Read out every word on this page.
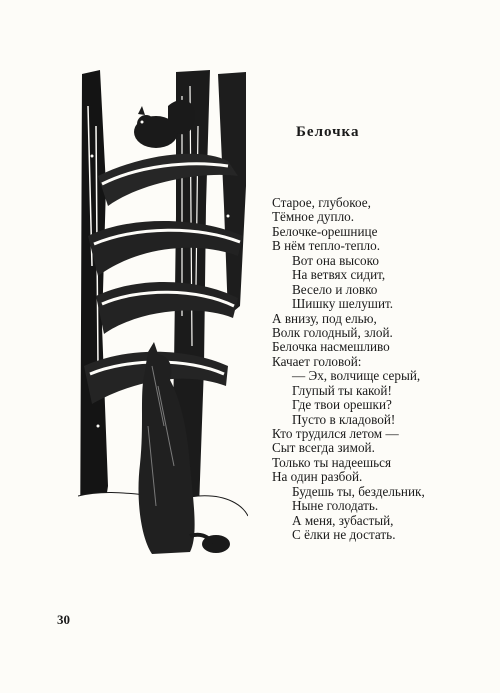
Белочка
Старое, глубокое,
Тёмное дупло.
Белочке-орешнице
В нём тепло-тепло.
Вот она высоко
На ветвях сидит,
Весело и ловко
Шишку шелушит.
А внизу, под елью,
Волк голодный, злой.
Белочка насмешливо
Качает головой:
— Эх, волчище серый,
Глупый ты какой!
Где твои орешки?
Пусто в кладовой!
Кто трудился летом —
Сыт всегда зимой.
Только ты надеешься
На один разбой.
Будешь ты, бездельник,
Ныне голодать.
А меня, зубастый,
С ёлки не достать.
30
